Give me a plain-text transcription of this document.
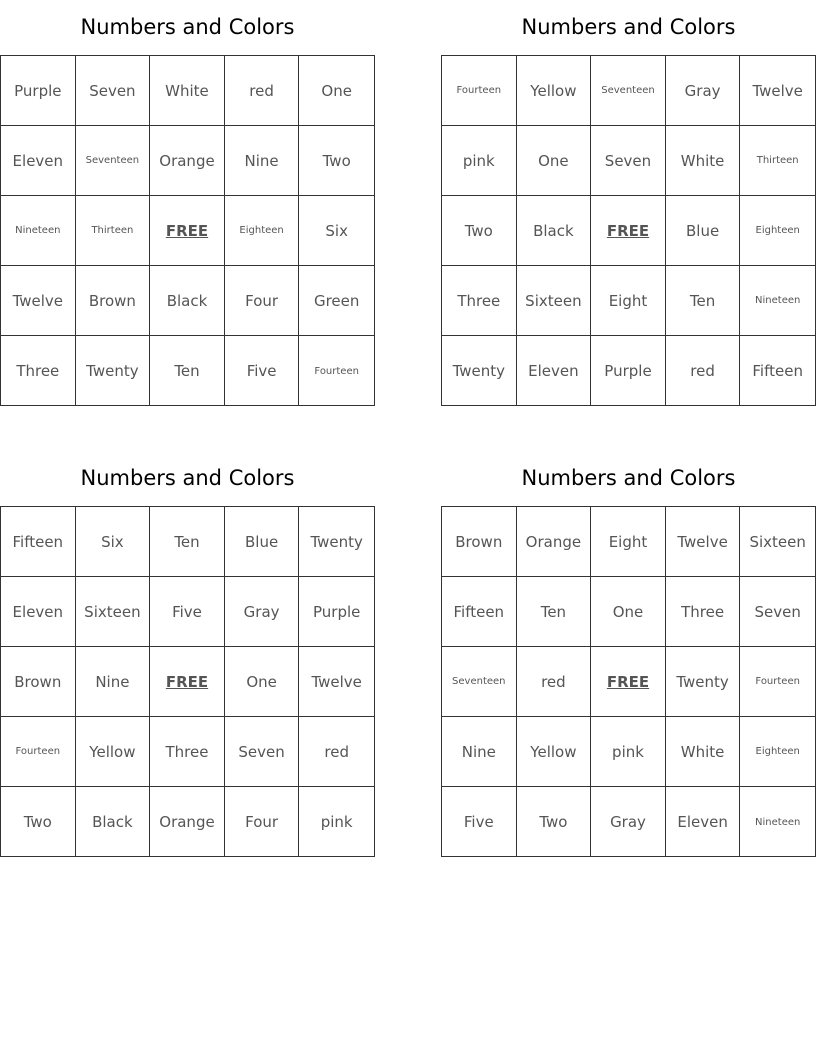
Numbers and Colors
Purple	Seven	White	red	One
Eleven	Seventeen	Orange	Nine	Two
Nineteen	Thirteen	FREE	Eighteen	Six
Twelve	Brown	Black	Four	Green
Three	Twenty	Ten	Five	Fourteen
Numbers and Colors
Fourteen	Yellow	Seventeen	Gray	Twelve
pink	One	Seven	White	Thirteen
Two	Black	FREE	Blue	Eighteen
Three	Sixteen	Eight	Ten	Nineteen
Twenty	Eleven	Purple	red	Fifteen
Numbers and Colors
Fifteen	Six	Ten	Blue	Twenty
Eleven	Sixteen	Five	Gray	Purple
Brown	Nine	FREE	One	Twelve
Fourteen	Yellow	Three	Seven	red
Two	Black	Orange	Four	pink
Numbers and Colors
Brown	Orange	Eight	Twelve	Sixteen
Fifteen	Ten	One	Three	Seven
Seventeen	red	FREE	Twenty	Fourteen
Nine	Yellow	pink	White	Eighteen
Five	Two	Gray	Eleven	Nineteen
